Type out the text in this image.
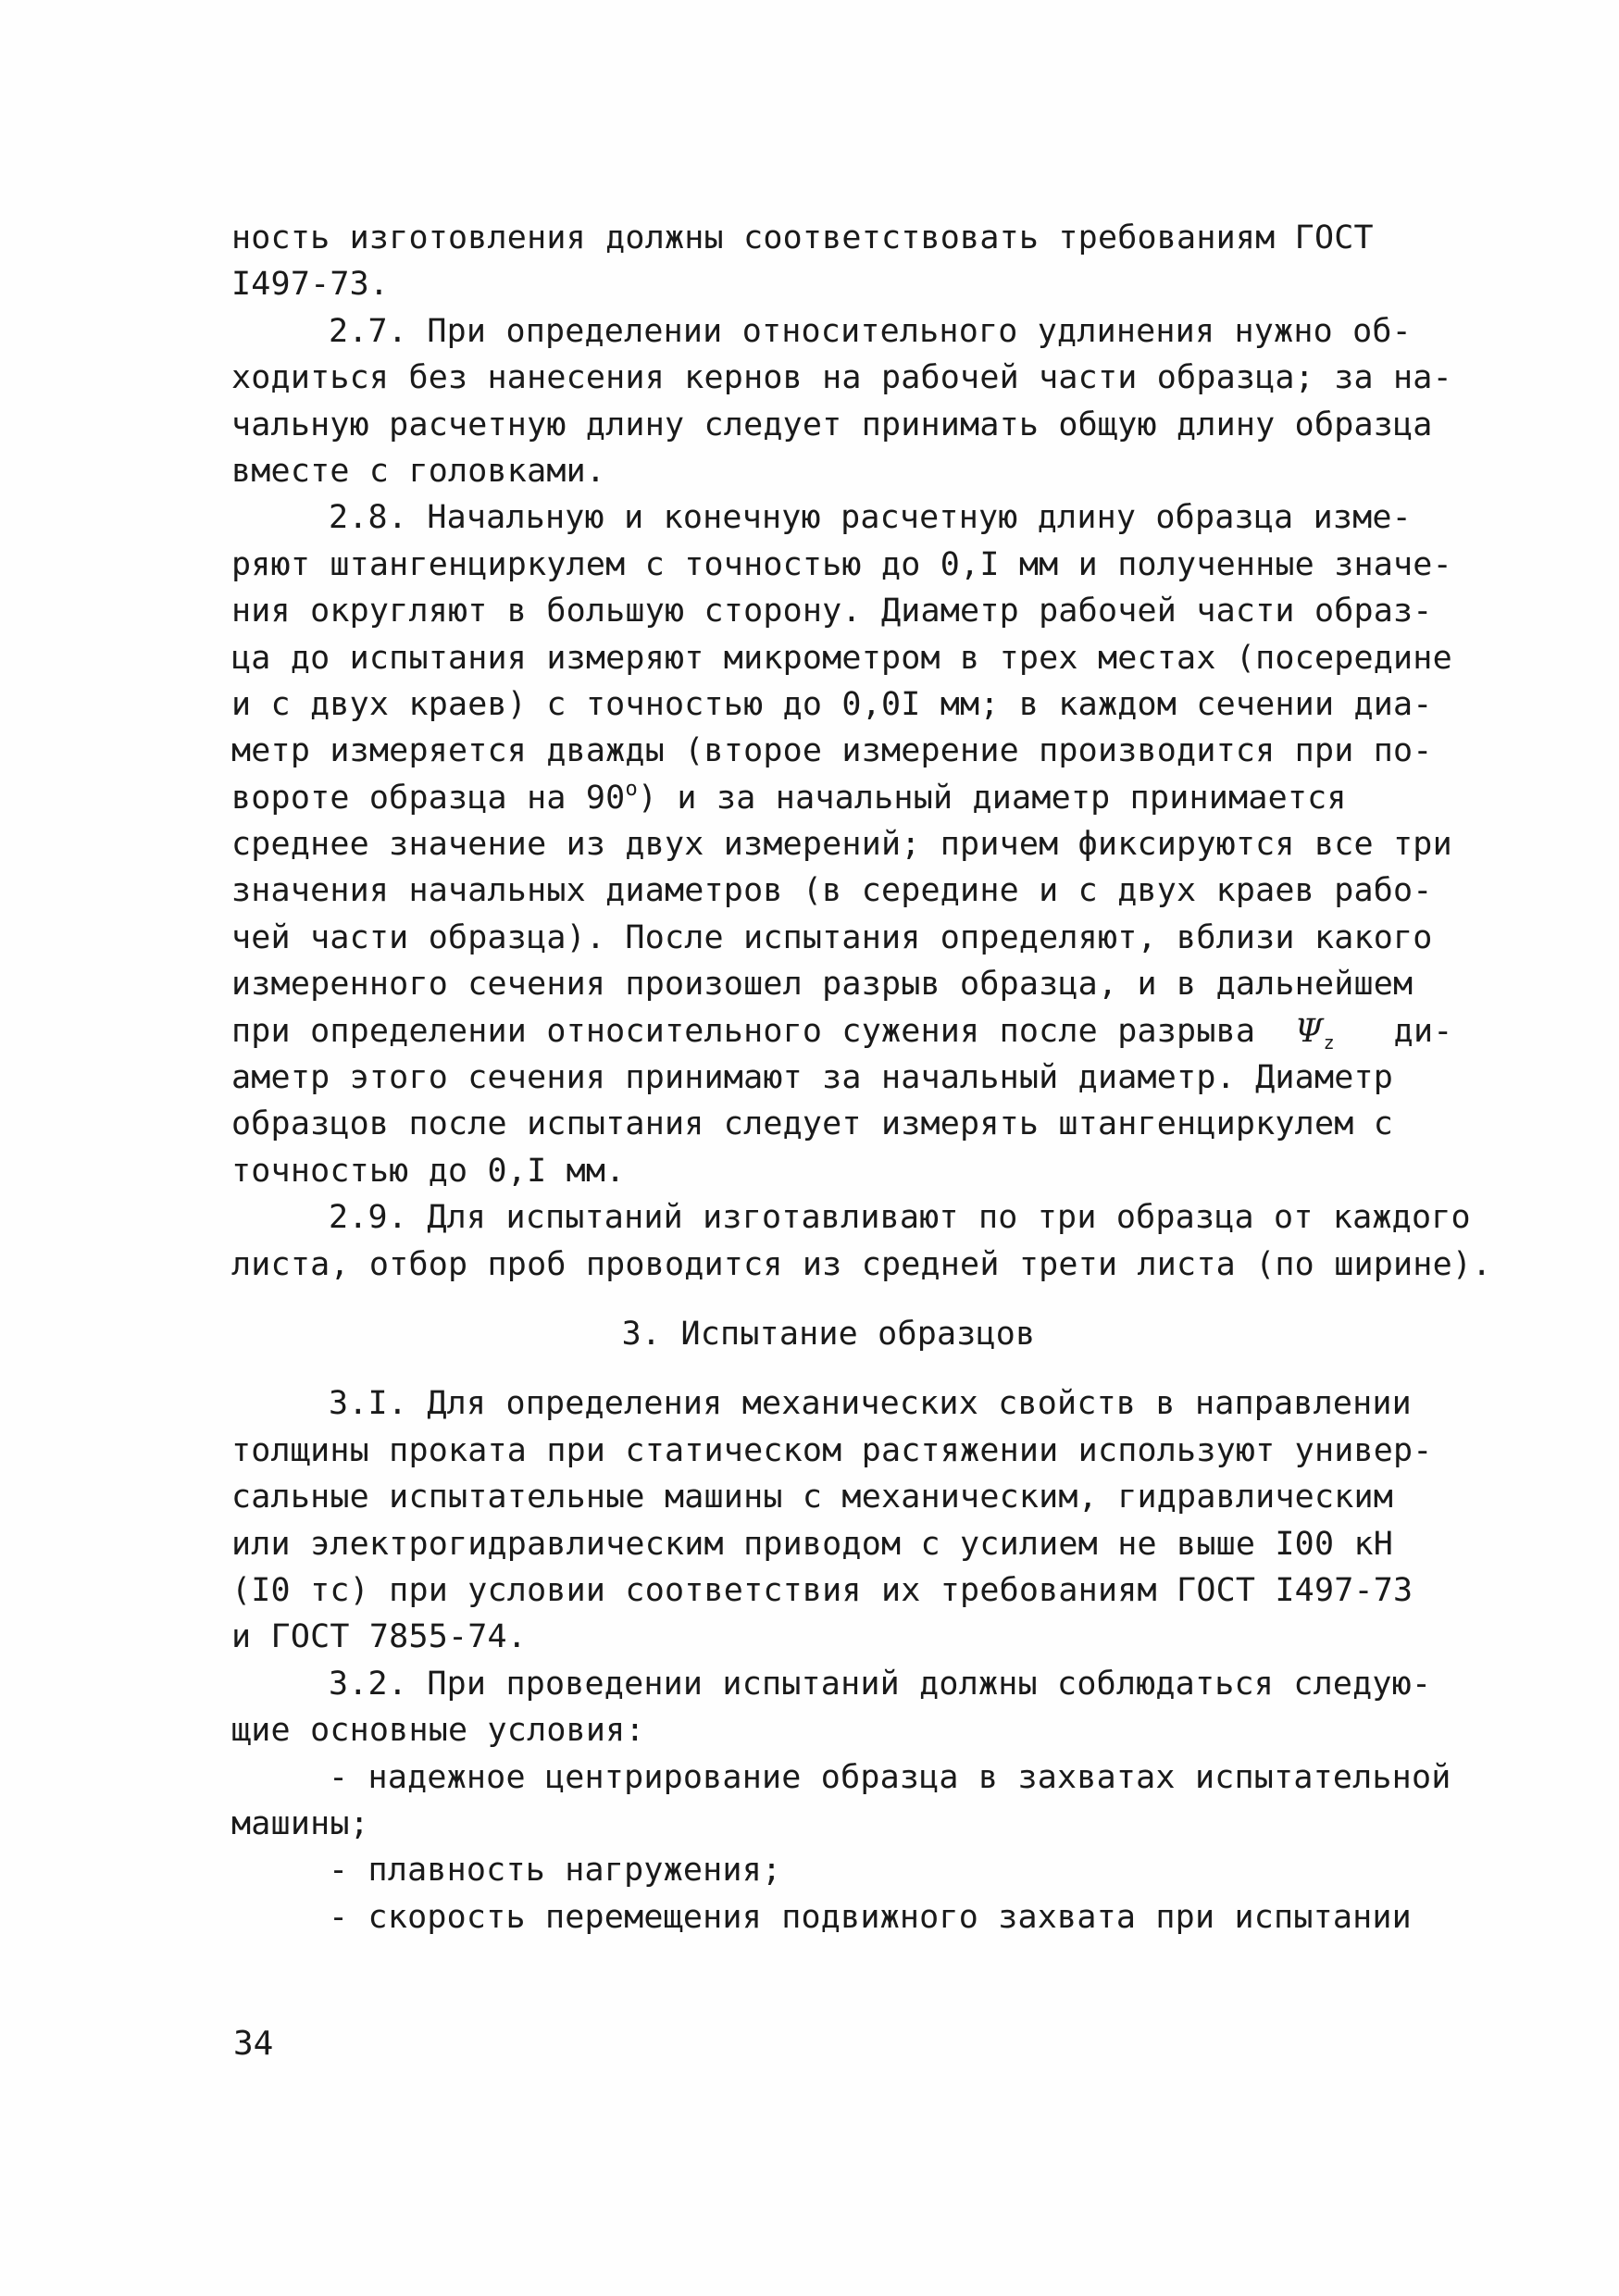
ность изготовления должны соответствовать требованиям ГОСТ
I497-73.
2.7. При определении относительного удлинения нужно об-
ходиться без нанесения кернов на рабочей части образца; за на-
чальную расчетную длину следует принимать общую длину образца
вместе с головками.
2.8. Начальную и конечную расчетную длину образца изме-
ряют штангенциркулем с точностью до 0,I мм и полученные значе-
ния округляют в большую сторону. Диаметр рабочей части образ-
ца до испытания измеряют микрометром в трех местах (посередине
и с двух краев) с точностью до 0,0I мм; в каждом сечении диа-
метр измеряется дважды (второе измерение производится при по-
вороте образца на $90^о$) и за начальный диаметр принимается
среднее значение из двух измерений; причем фиксируются все три
значения начальных диаметров (в середине и с двух краев рабо-
чей части образца). После испытания определяют, вблизи какого
измеренного сечения произошел разрыв образца, и в дальнейшем
при определении относительного сужения после разрыва $\Psi_z$ ди-
аметр этого сечения принимают за начальный диаметр. Диаметр
образцов после испытания следует измерять штангенциркулем с
точностью до 0,I мм.
2.9. Для испытаний изготавливают по три образца от каждого
листа, отбор проб проводится из средней трети листа (по ширине).
3. Испытание образцов
3.I. Для определения механических свойств в направлении
толщины проката при статическом растяжении используют универ-
сальные испытательные машины с механическим, гидравлическим
или электрогидравлическим приводом с усилием не выше I00 кН
(I0 тс) при условии соответствия их требованиям ГОСТ I497-73
и ГОСТ 7855-74.
3.2. При проведении испытаний должны соблюдаться следую-
щие основные условия:
- надежное центрирование образца в захватах испытательной
машины;
- плавность нагружения;
- скорость перемещения подвижного захвата при испытании
34
